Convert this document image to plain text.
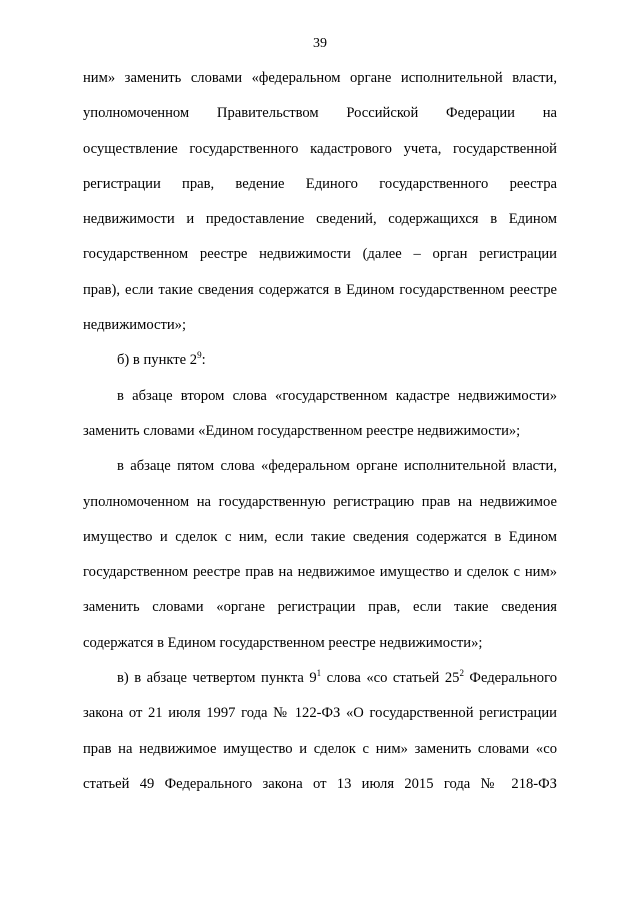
39
ним» заменить словами «федеральном органе исполнительной власти,
уполномоченном Правительством Российской Федерации на
осуществление государственного кадастрового учета, государственной
регистрации прав, ведение Единого государственного реестра
недвижимости и предоставление сведений, содержащихся в Едином
государственном реестре недвижимости (далее – орган регистрации
прав), если такие сведения содержатся в Едином государственном реестре
недвижимости»;
б) в пункте $2^9$:
в абзаце втором слова «государственном кадастре недвижимости»
заменить словами «Едином государственном реестре недвижимости»;
в абзаце пятом слова «федеральном органе исполнительной власти,
уполномоченном на государственную регистрацию прав на недвижимое
имущество и сделок с ним, если такие сведения содержатся в Едином
государственном реестре прав на недвижимое имущество и сделок с ним»
заменить словами «органе регистрации прав, если такие сведения
содержатся в Едином государственном реестре недвижимости»;
в) в абзаце четвертом пункта $9^1$ слова «со статьей $25^2$ Федерального
закона от 21 июля 1997 года № 122-ФЗ «О государственной регистрации
прав на недвижимое имущество и сделок с ним» заменить словами «со
статьей 49 Федерального закона от 13 июля 2015 года № 218-ФЗ
